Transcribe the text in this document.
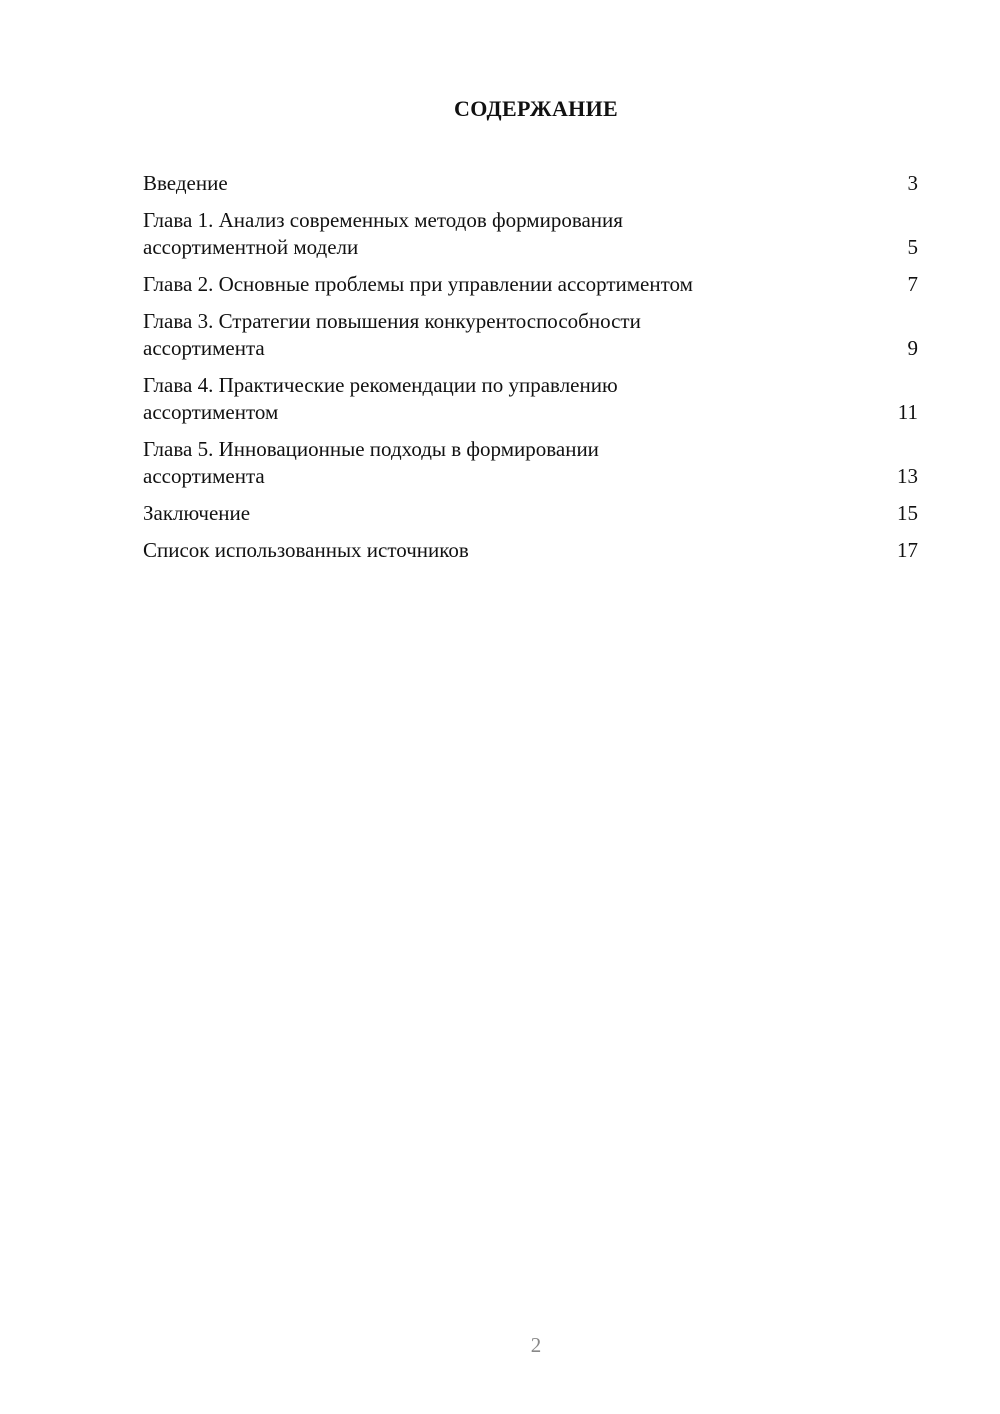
СОДЕРЖАНИЕ
Введение	3
Глава 1. Анализ современных методов формирования
ассортиментной модели	5
Глава 2. Основные проблемы при управлении ассортиментом	7
Глава 3. Стратегии повышения конкурентоспособности
ассортимента	9
Глава 4. Практические рекомендации по управлению
ассортиментом	11
Глава 5. Инновационные подходы в формировании
ассортимента	13
Заключение	15
Список использованных источников	17
2
